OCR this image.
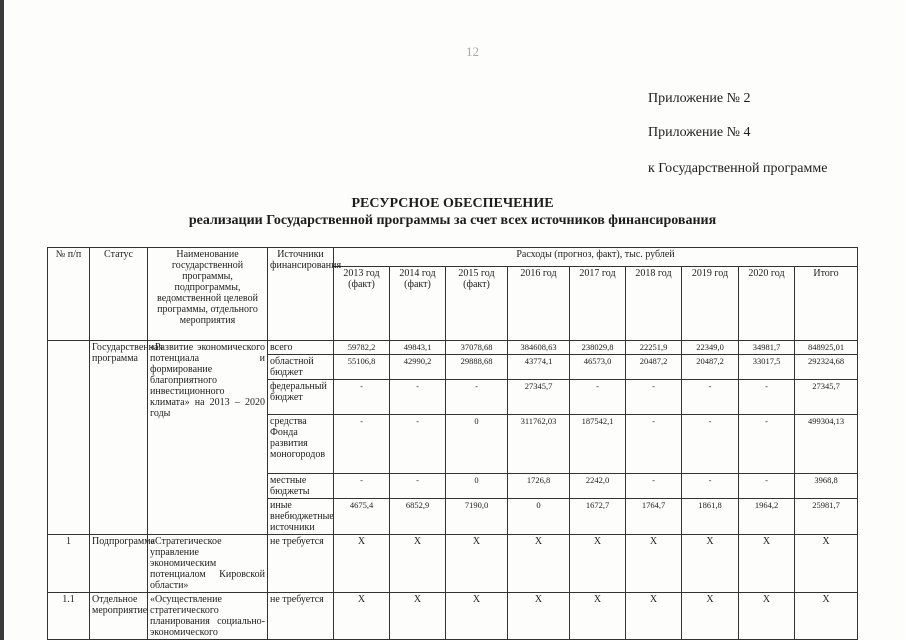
12
Приложение № 2
Приложение № 4
к Государственной программе
РЕСУРСНОЕ ОБЕСПЕЧЕНИЕ
реализации Государственной программы за счет всех источников финансирования
№ п/п	Статус	Наименование государственной программы, подпрограммы, ведомственной целевой программы, отдельного мероприятия	Источники финансирования	Расходы (прогноз, факт), тыс. рублей								
				2013 год (факт)	2014 год (факт)	2015 год (факт)	2016 год	2017 год	2018 год	2019 год	2020 год	Итого
	Государственная программа	«Развитие экономического потенциала и формирование благоприятного инвестиционного климата» на 2013 – 2020 годы	всего	59782,2	49843,1	37078,68	384608,63	238029,8	22251,9	22349,0	34981,7	848925,01
			областной бюджет	55106,8	42990,2	29888,68	43774,1	46573,0	20487,2	20487,2	33017,5	292324,68
			федеральный бюджет	-	-	-	27345,7	-	-	-	-	27345,7
			средства Фонда развития моногородов	-	-	0	311762,03	187542,1	-	-	-	499304,13
			местные бюджеты	-	-	0	1726,8	2242,0	-	-	-	3968,8
			иные внебюджетные источники	4675,4	6852,9	7190,0	0	1672,7	1764,7	1861,8	1964,2	25981,7
1	Подпрограмма	«Стратегическое управление экономическим потенциалом Кировской области»	не требуется	X	X	X	X	X	X	X	X	X
1.1	Отдельное мероприятие	«Осуществление стратегического планирования социально-экономического	не требуется	X	X	X	X	X	X	X	X	X
